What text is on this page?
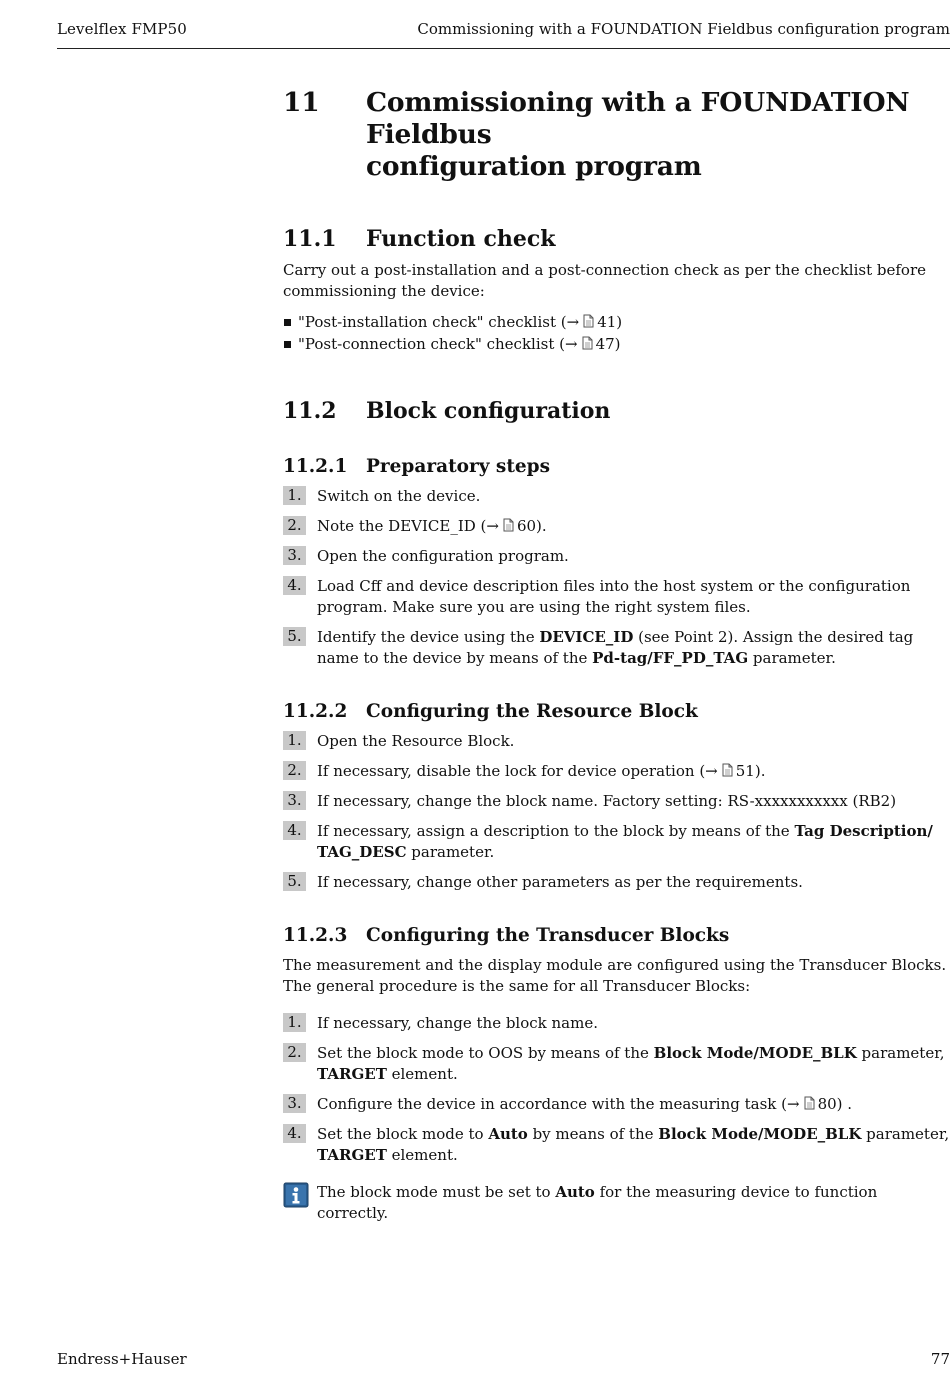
Levelflex FMP50	Commissioning with a FOUNDATION Fieldbus configuration program
11	Commissioning with a FOUNDATION Fieldbus
configuration program
11.1	Function check

Carry out a post-installation and a post-connection check as per the checklist before commissioning the device:

"Post-installation check" checklist (→ 41)
"Post-connection check" checklist (→ 47)
11.2	Block configuration
11.2.1	Preparatory steps
1. Switch on the device.
2. Note the DEVICE_ID (→ 60).
3. Open the configuration program.
4. Load Cff and device description files into the host system or the configuration program. Make sure you are using the right system files.
5. Identify the device using the DEVICE_ID (see Point 2). Assign the desired tag name to the device by means of the Pd-tag/FF_PD_TAG parameter.
11.2.2	Configuring the Resource Block
1. Open the Resource Block.
2. If necessary, disable the lock for device operation (→ 51).
3. If necessary, change the block name. Factory setting: RS-xxxxxxxxxxx (RB2)
4. If necessary, assign a description to the block by means of the Tag Description/ TAG_DESC parameter.
5. If necessary, change other parameters as per the requirements.
11.2.3	Configuring the Transducer Blocks

The measurement and the display module are configured using the Transducer Blocks. The general procedure is the same for all Transducer Blocks:

1. If necessary, change the block name.
2. Set the block mode to OOS by means of the Block Mode/MODE_BLK parameter, TARGET element.
3. Configure the device in accordance with the measuring task (→ 80) .
4. Set the block mode to Auto by means of the Block Mode/MODE_BLK parameter, TARGET element.
The block mode must be set to Auto for the measuring device to function correctly.
Endress+Hauser	77
